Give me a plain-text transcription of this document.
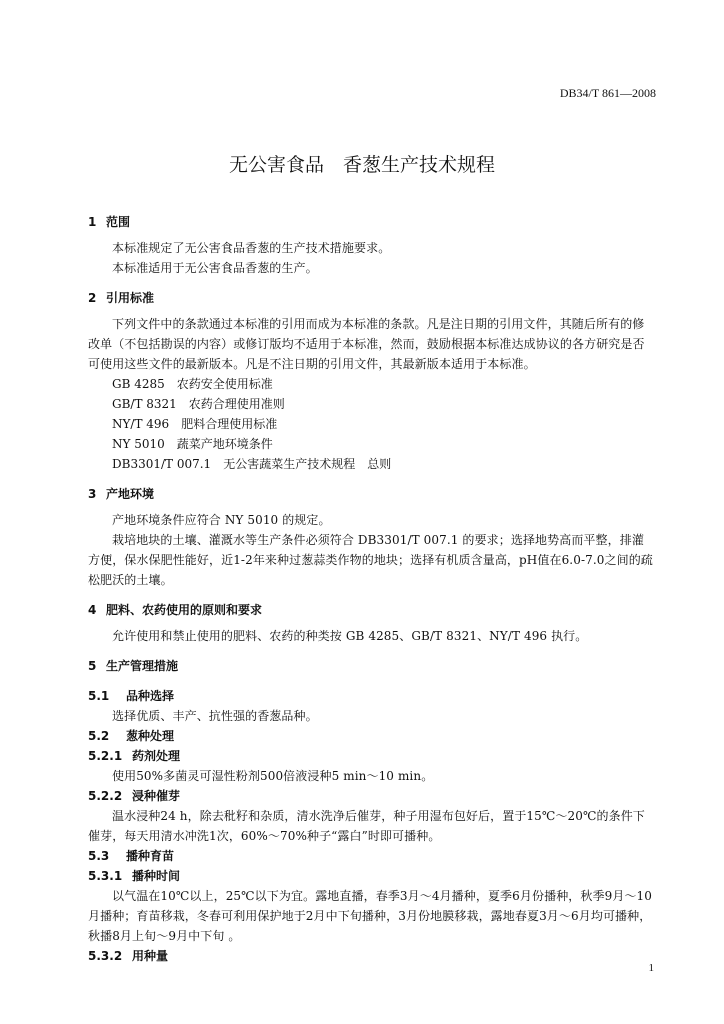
DB34/T 861—2008
无公害食品　香葱生产技术规程
1 范围

本标准规定了无公害食品香葱的生产技术措施要求。

本标准适用于无公害食品香葱的生产。

2 引用标准

下列文件中的条款通过本标准的引用而成为本标准的条款。凡是注日期的引用文件，其随后所有的修改单（不包括勘误的内容）或修订版均不适用于本标准，然而，鼓励根据本标准达成协议的各方研究是否可使用这些文件的最新版本。凡是不注日期的引用文件，其最新版本适用于本标准。

GB 4285　农药安全使用标准

GB/T 8321　农药合理使用准则

NY/T 496　肥料合理使用标准

NY 5010　蔬菜产地环境条件

DB3301/T 007.1　无公害蔬菜生产技术规程　总则

3 产地环境

产地环境条件应符合 NY 5010 的规定。

栽培地块的土壤、灌溉水等生产条件必须符合 DB3301/T 007.1 的要求；选择地势高而平整，排灌方便，保水保肥性能好，近1-2年来种过葱蒜类作物的地块；选择有机质含量高，pH值在6.0-7.0之间的疏松肥沃的土壤。

4 肥料、农药使用的原则和要求

允许使用和禁止使用的肥料、农药的种类按 GB 4285、GB/T 8321、NY/T 496 执行。

5 生产管理措施
5.1 品种选择

选择优质、丰产、抗性强的香葱品种。

5.2 葱种处理
5.2.1 药剂处理

使用50%多菌灵可湿性粉剂500倍液浸种5 min～10 min。

5.2.2 浸种催芽

温水浸种24 h，除去秕籽和杂质，清水洗净后催芽，种子用湿布包好后，置于15℃～20℃的条件下催芽，每天用清水冲洗1次，60%～70%种子“露白”时即可播种。

5.3 播种育苗
5.3.1 播种时间

以气温在10℃以上，25℃以下为宜。露地直播，春季3月～4月播种，夏季6月份播种，秋季9月～10月播种；育苗移栽，冬春可利用保护地于2月中下旬播种，3月份地膜移栽，露地春夏3月～6月均可播种，秋播8月上旬～9月中下旬 。

5.3.2 用种量
1
